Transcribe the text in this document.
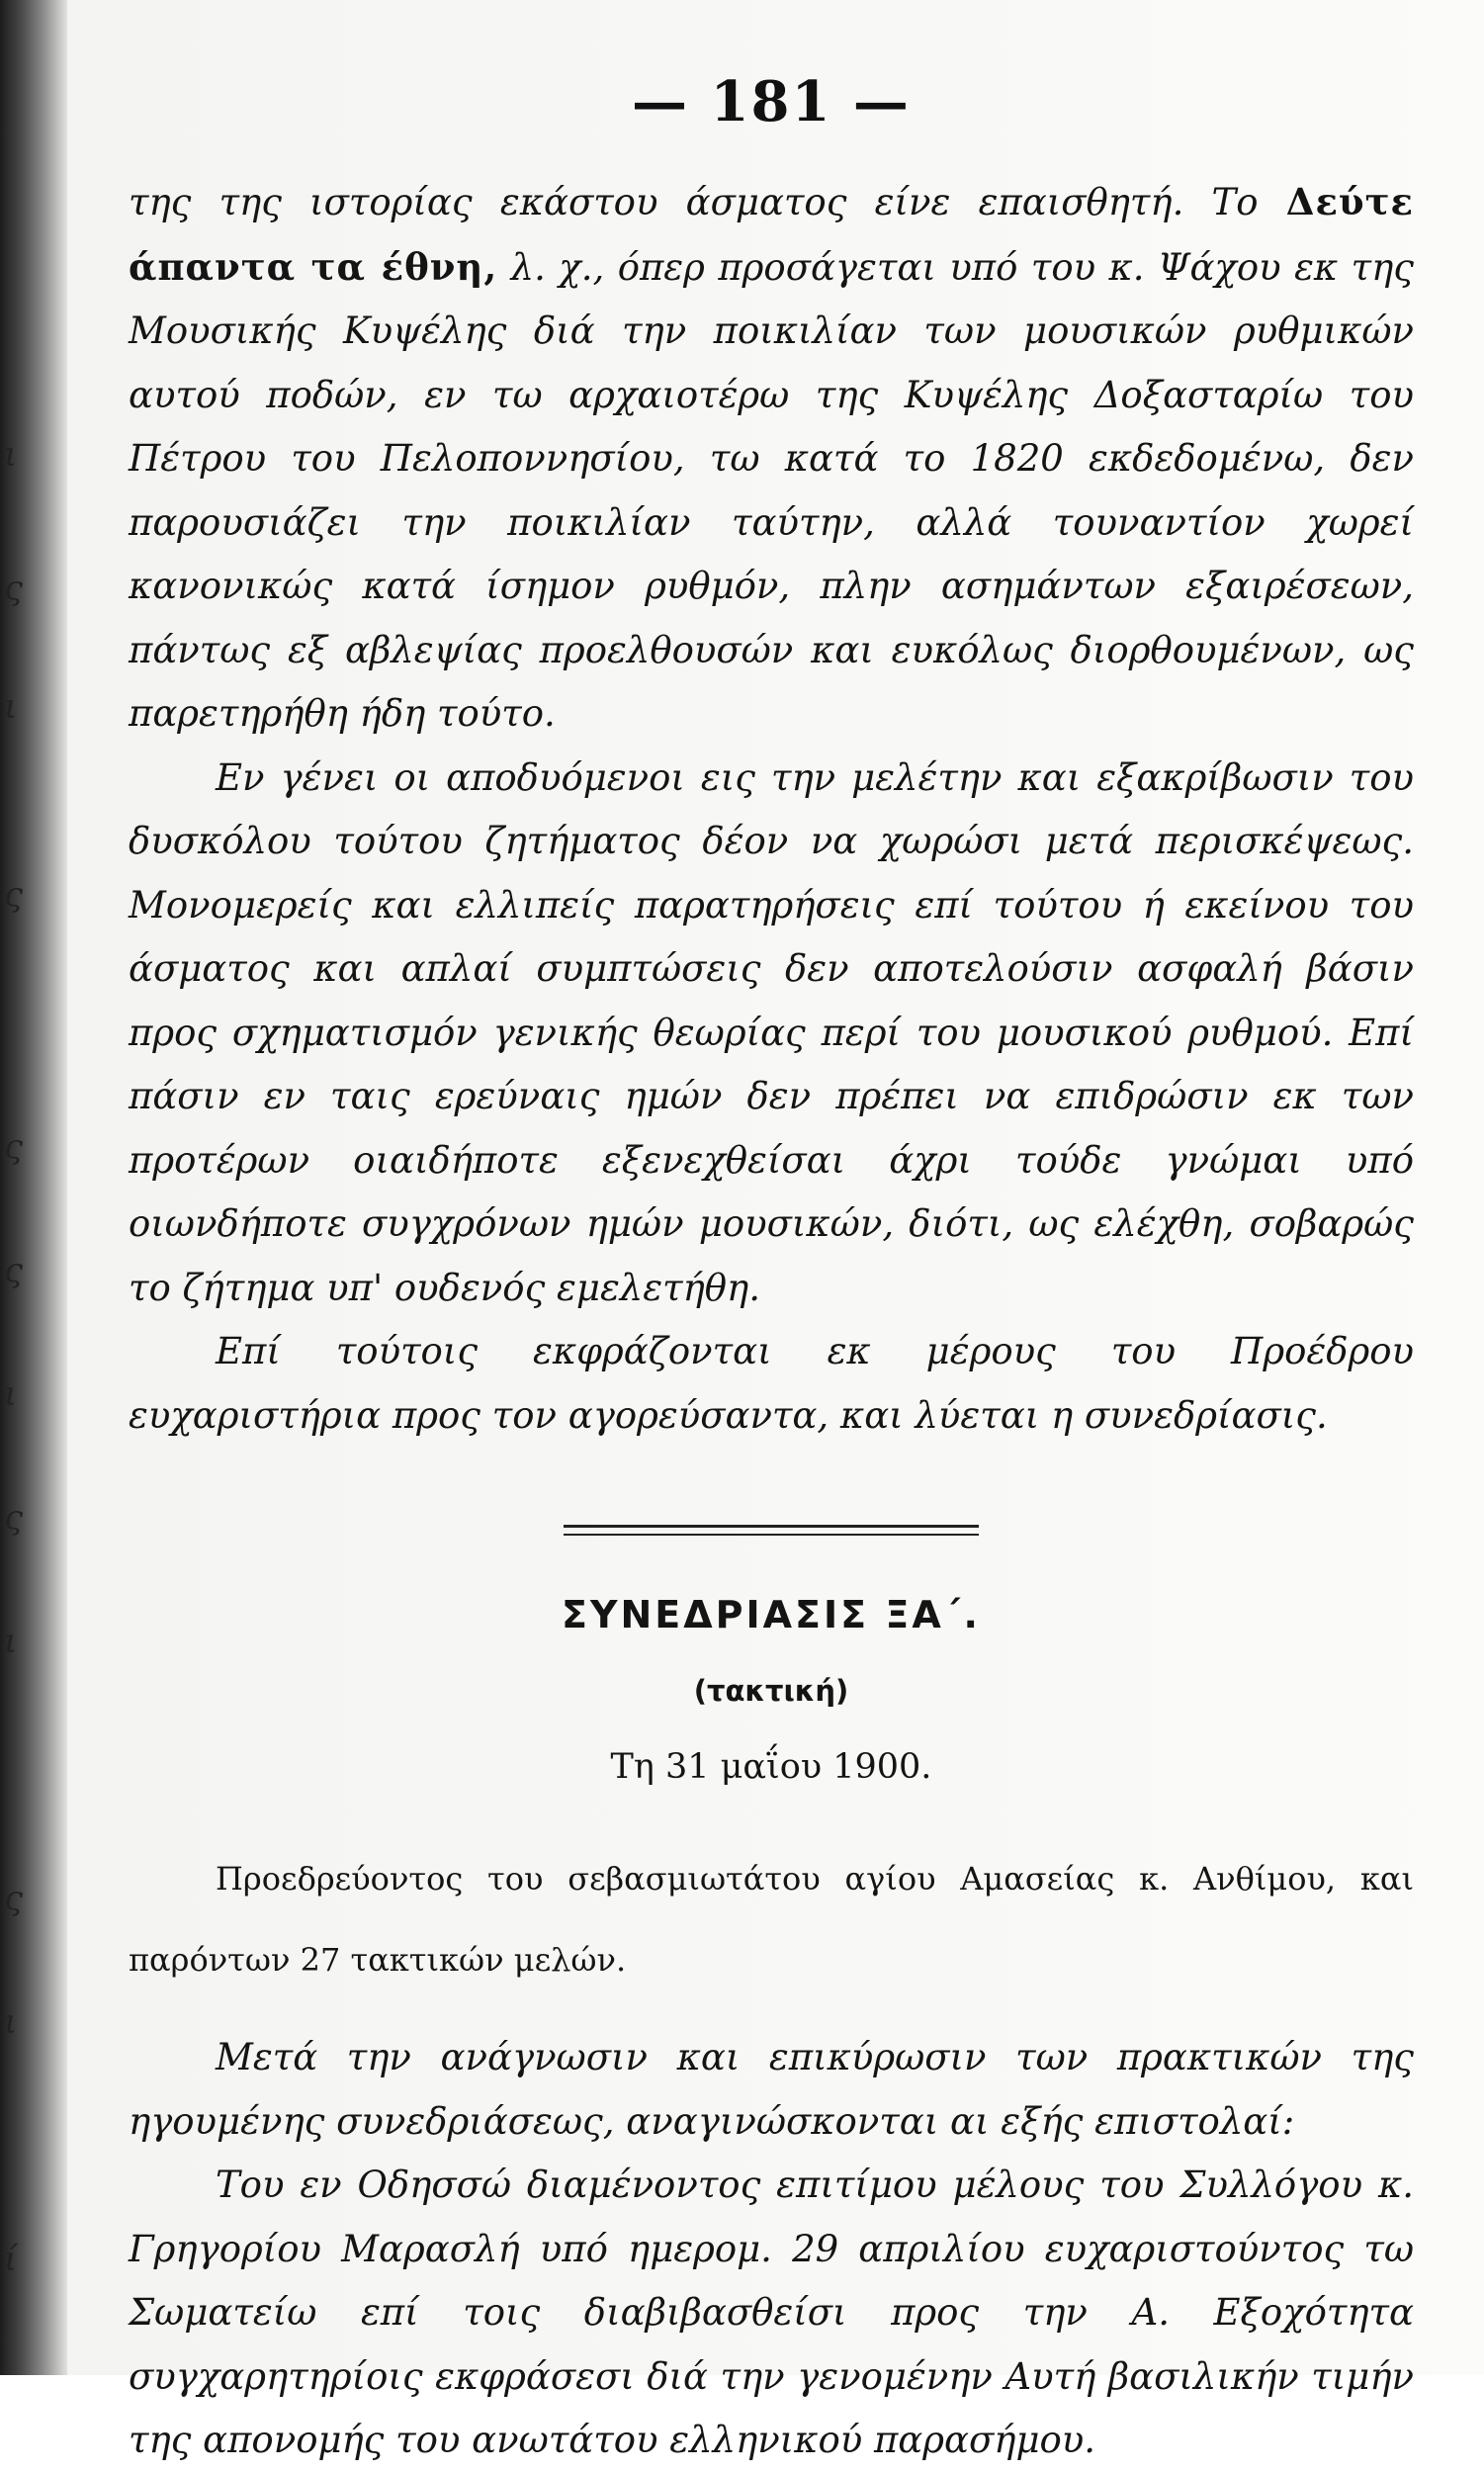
ι
ς
ι
ς
ς
ς
ι
ς
ι
ς
ι
ί
— 181 —

της της ιστορίας εκάστου άσματος είνε επαισθητή. Το Δεύτε άπαντα τα έθνη, λ. χ., όπερ προσάγεται υπό του κ. Ψάχου εκ της Μουσικής Κυψέλης διά την ποικιλίαν των μουσικών ρυθμικών αυτού ποδών, εν τω αρχαιοτέρω της Κυψέλης Δοξασταρίω του Πέτρου του Πελοποννησίου, τω κατά το 1820 εκδεδομένω, δεν παρουσιάζει την ποικιλίαν ταύτην, αλλά τουναντίον χωρεί κανονικώς κατά ίσημον ρυθμόν, πλην ασημάντων εξαιρέσεων, πάντως εξ αβλεψίας προελθουσών και ευκόλως διορθουμένων, ως παρετηρήθη ήδη τούτο.

Εν γένει οι αποδυόμενοι εις την μελέτην και εξακρίβωσιν του δυσκόλου τούτου ζητήματος δέον να χωρώσι μετά περισκέψεως. Μονομερείς και ελλιπείς παρατηρήσεις επί τούτου ή εκείνου του άσματος και απλαί συμπτώσεις δεν αποτελούσιν ασφαλή βάσιν προς σχηματισμόν γενικής θεωρίας περί του μουσικού ρυθμού. Επί πάσιν εν ταις ερεύναις ημών δεν πρέπει να επιδρώσιν εκ των προτέρων οιαιδήποτε εξενεχθείσαι άχρι τούδε γνώμαι υπό οιωνδήποτε συγχρόνων ημών μουσικών, διότι, ως ελέχθη, σοβαρώς το ζήτημα υπ' ουδενός εμελετήθη.

Επί τούτοις εκφράζονται εκ μέρους του Προέδρου ευχαριστήρια προς τον αγορεύσαντα, και λύεται η συνεδρίασις.

ΣΥΝΕΔΡΙΑΣΙΣ ΞΑ΄.
(τακτική)
Τη 31 μαΐου 1900.

Προεδρεύοντος του σεβασμιωτάτου αγίου Αμασείας κ. Ανθίμου, και παρόντων 27 τακτικών μελών.

Μετά την ανάγνωσιν και επικύρωσιν των πρακτικών της ηγουμένης συνεδριάσεως, αναγινώσκονται αι εξής επιστολαί:

Του εν Οδησσώ διαμένοντος επιτίμου μέλους του Συλλόγου κ. Γρηγορίου Μαρασλή υπό ημερομ. 29 απριλίου ευχαριστούντος τω Σωματείω επί τοις διαβιβασθείσι προς την Α. Εξοχότητα συγχαρητηρίοις εκφράσεσι διά την γενομένην Αυτή βασιλικήν τιμήν της απονομής του ανωτάτου ελληνικού παρασήμου.
